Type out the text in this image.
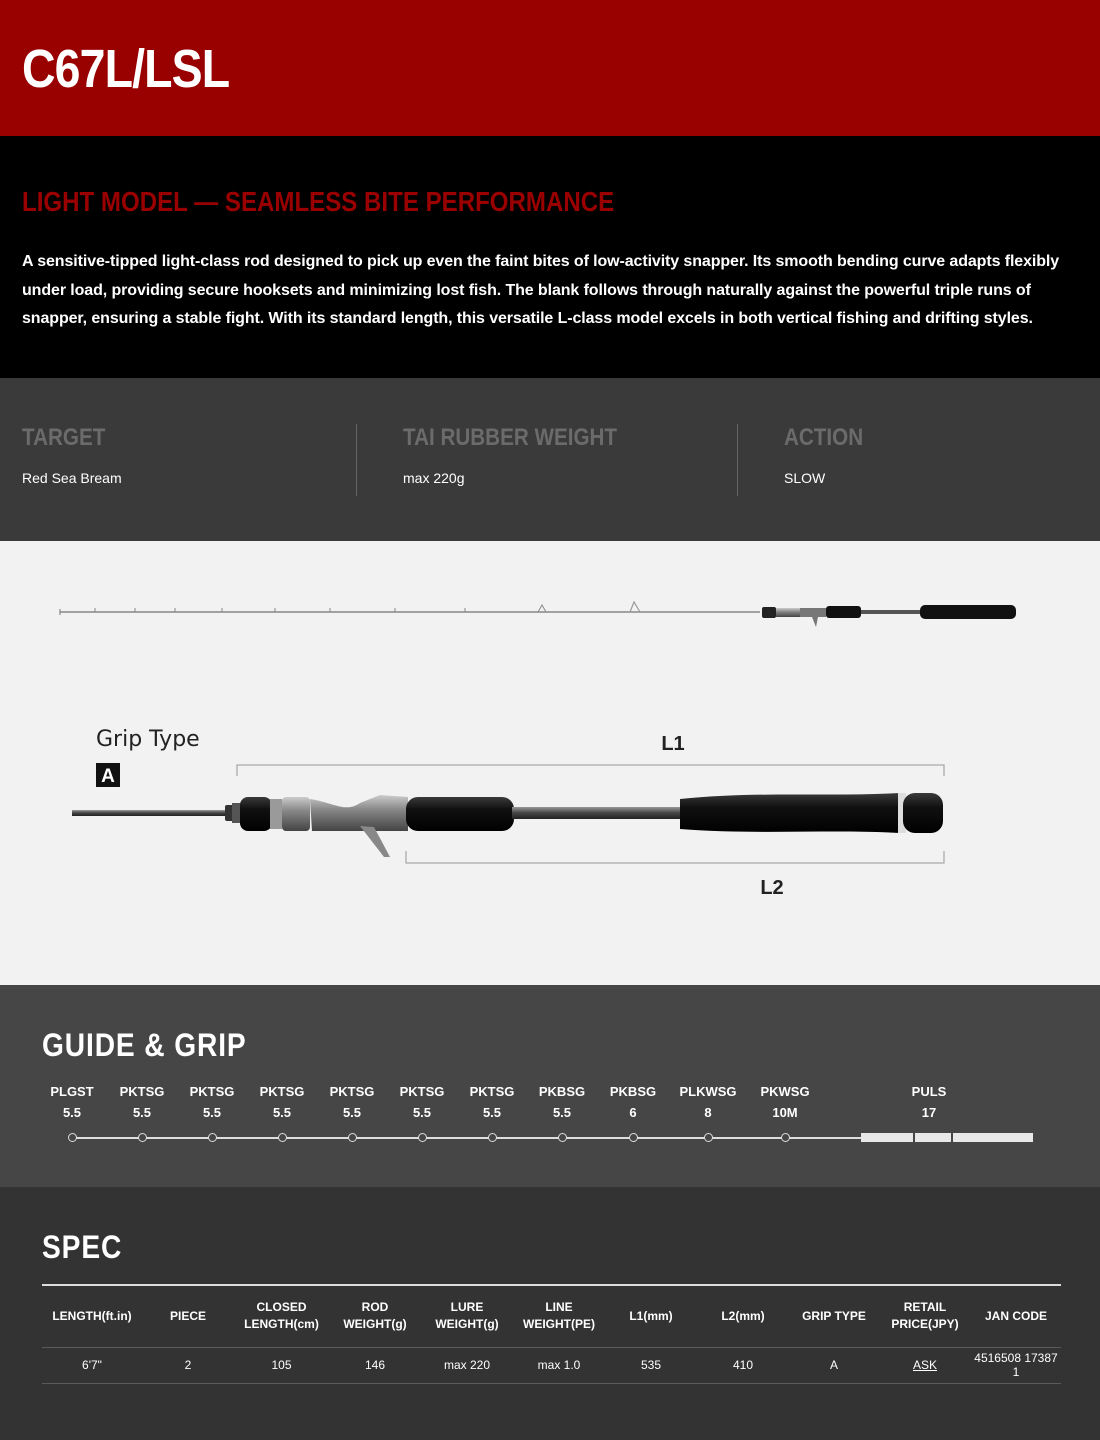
C67L/LSL
LIGHT MODEL — SEAMLESS BITE PERFORMANCE

A sensitive-tipped light-class rod designed to pick up even the faint bites of low-activity snapper. Its smooth bending curve adapts flexibly under load, providing secure hooksets and minimizing lost fish. The blank follows through naturally against the powerful triple runs of snapper, ensuring a stable fight. With its standard length, this versatile L-class model excels in both vertical fishing and drifting styles.

TARGET
Red Sea Bream
TAI RUBBER WEIGHT
max 220g
ACTION
SLOW
Grip Type
A
L1
L2
GUIDE & GRIP
PLGST
5.5
PKTSG
5.5
PKTSG
5.5
PKTSG
5.5
PKTSG
5.5
PKTSG
5.5
PKTSG
5.5
PKBSG
5.5
PKBSG
6
PLKWSG
8
PKWSG
10M
PULS
17
SPEC
LENGTH(ft.in)	PIECE	CLOSED LENGTH(cm)	ROD WEIGHT(g)	LURE WEIGHT(g)	LINE WEIGHT(PE)	L1(mm)	L2(mm)	GRIP TYPE	RETAIL PRICE(JPY)	JAN CODE
6'7"	2	105	146	max 220	max 1.0	535	410	A	ASK	4516508 17387 1
